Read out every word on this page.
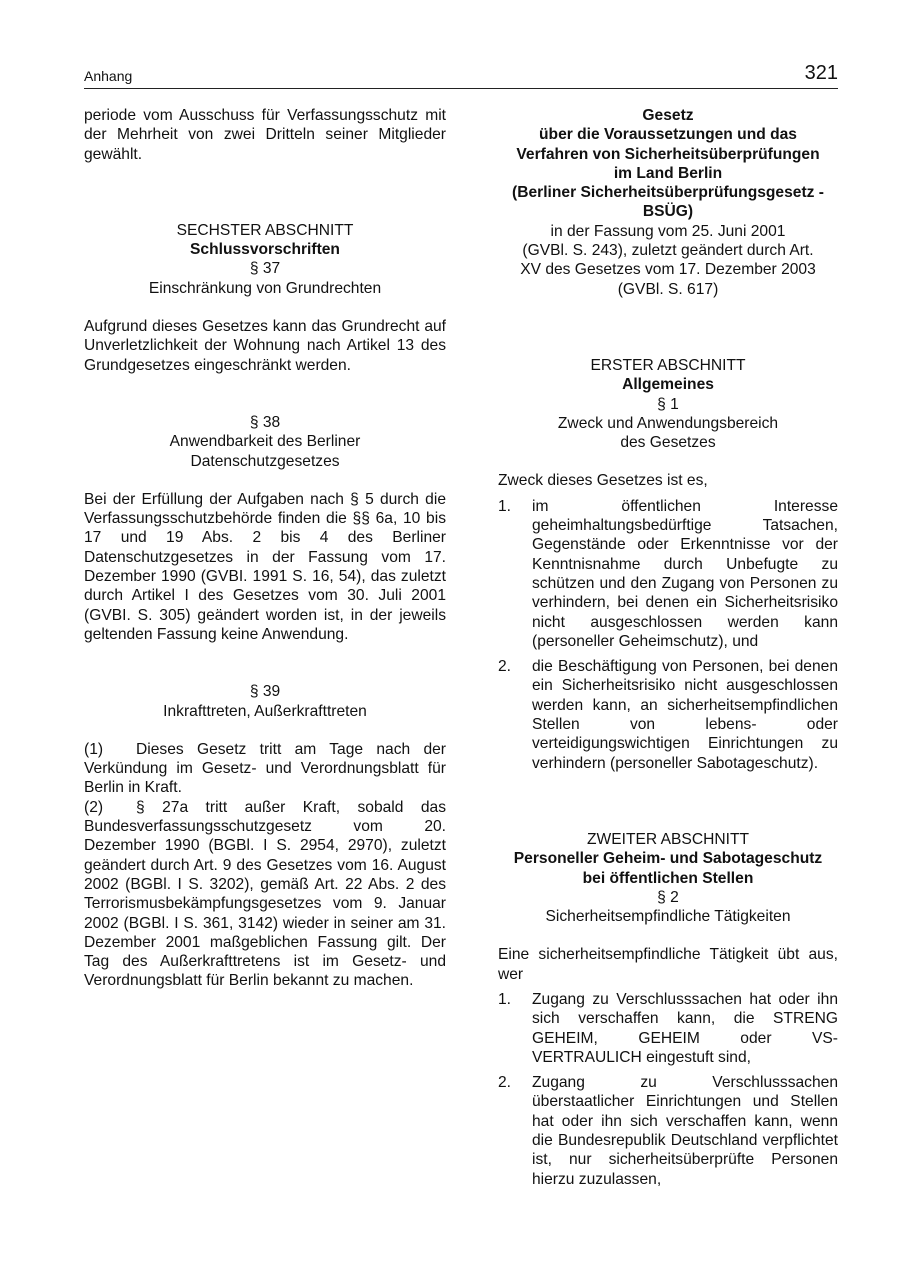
Anhang	321

periode vom Ausschuss für Verfassungsschutz mit der Mehrheit von zwei Dritteln seiner Mitglieder gewählt.

SECHSTER ABSCHNITT
Schlussvorschriften
§ 37
Einschränkung von Grundrechten

Aufgrund dieses Gesetzes kann das Grundrecht auf Unverletzlichkeit der Wohnung nach Artikel 13 des Grundgesetzes eingeschränkt werden.

§ 38
Anwendbarkeit des Berliner
Datenschutzgesetzes

Bei der Erfüllung der Aufgaben nach § 5 durch die Verfassungsschutzbehörde finden die §§ 6a, 10 bis 17 und 19 Abs. 2 bis 4 des Berliner Datenschutzgesetzes in der Fassung vom 17. Dezember 1990 (GVBI. 1991 S. 16, 54), das zuletzt durch Artikel I des Gesetzes vom 30. Juli 2001 (GVBI. S. 305) geändert worden ist, in der jeweils geltenden Fassung keine Anwendung.

§ 39
Inkrafttreten, Außerkrafttreten

(1) Dieses Gesetz tritt am Tage nach der Verkündung im Gesetz- und Verordnungsblatt für Berlin in Kraft.

(2) § 27a tritt außer Kraft, sobald das Bundesverfassungsschutzgesetz vom 20. Dezember 1990 (BGBl. I S. 2954, 2970), zuletzt geändert durch Art. 9 des Gesetzes vom 16. August 2002 (BGBl. I S. 3202), gemäß Art. 22 Abs. 2 des Terrorismusbekämpfungsgesetzes vom 9. Januar 2002 (BGBl. I S. 361, 3142) wieder in seiner am 31. Dezember 2001 maßgeblichen Fassung gilt. Der Tag des Außerkrafttretens ist im Gesetz- und Verordnungsblatt für Berlin bekannt zu machen.

Gesetz
über die Voraussetzungen und das
Verfahren von Sicherheitsüberprüfungen
im Land Berlin
(Berliner Sicherheitsüberprüfungsgesetz -
BSÜG)
in der Fassung vom 25. Juni 2001
(GVBl. S. 243), zuletzt geändert durch Art.
XV des Gesetzes vom 17. Dezember 2003
(GVBl. S. 617)
ERSTER ABSCHNITT
Allgemeines
§ 1
Zweck und Anwendungsbereich
des Gesetzes

Zweck dieses Gesetzes ist es,

1. im öffentlichen Interesse geheimhaltungsbedürftige Tatsachen, Gegenstände oder Erkenntnisse vor der Kenntnisnahme durch Unbefugte zu schützen und den Zugang von Personen zu verhindern, bei denen ein Sicherheitsrisiko nicht ausgeschlossen werden kann (personeller Geheimschutz), und
2. die Beschäftigung von Personen, bei denen ein Sicherheitsrisiko nicht ausgeschlossen werden kann, an sicherheitsempfindlichen Stellen von lebens- oder verteidigungswichtigen Einrichtungen zu verhindern (personeller Sabotageschutz).
ZWEITER ABSCHNITT
Personeller Geheim- und Sabotageschutz
bei öffentlichen Stellen
§ 2
Sicherheitsempfindliche Tätigkeiten

Eine sicherheitsempfindliche Tätigkeit übt aus, wer

1. Zugang zu Verschlusssachen hat oder ihn sich verschaffen kann, die STRENG GEHEIM, GEHEIM oder VS-VERTRAULICH eingestuft sind,
2. Zugang zu Verschlusssachen überstaatlicher Einrichtungen und Stellen hat oder ihn sich verschaffen kann, wenn die Bundesrepublik Deutschland verpflichtet ist, nur sicherheitsüberprüfte Personen hierzu zuzulassen,
